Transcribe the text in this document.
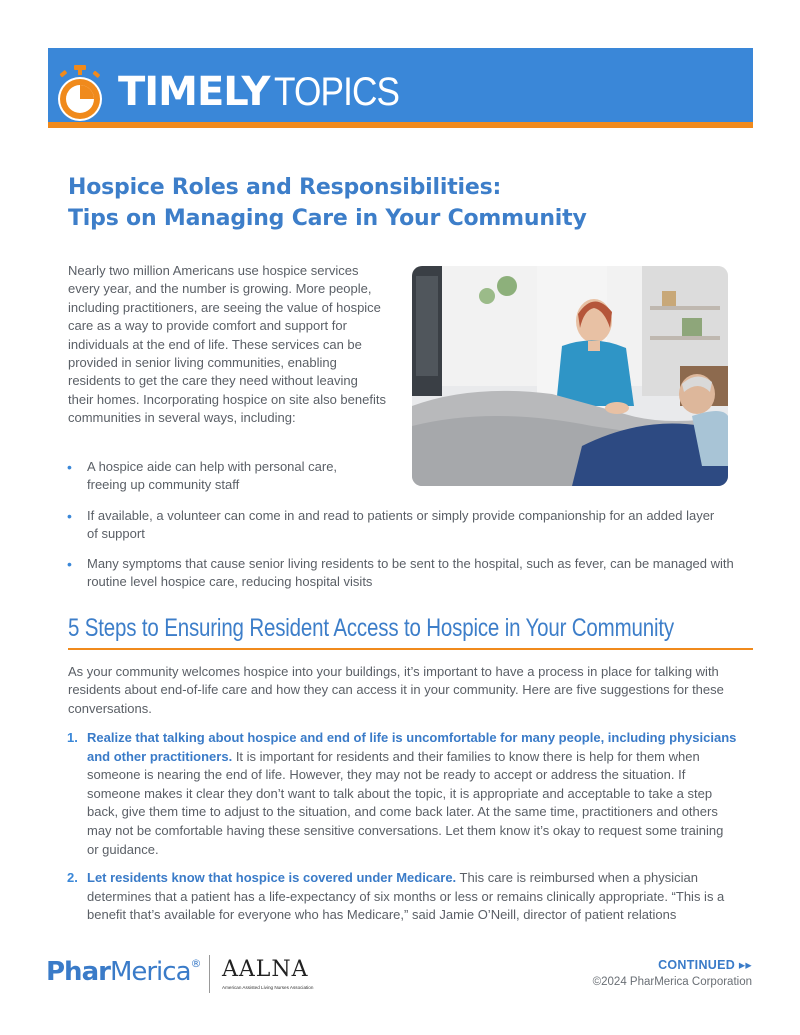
TIMELY TOPICS
Hospice Roles and Responsibilities:
Tips on Managing Care in Your Community
Nearly two million Americans use hospice services every year, and the number is growing. More people, including practitioners, are seeing the value of hospice care as a way to provide comfort and support for individuals at the end of life. These services can be provided in senior living communities, enabling residents to get the care they need without leaving their homes. Incorporating hospice on site also benefits communities in several ways, including:
• A hospice aide can help with personal care, freeing up community staff
• If available, a volunteer can come in and read to patients or simply provide companionship for an added layer of support
• Many symptoms that cause senior living residents to be sent to the hospital, such as fever, can be managed with routine level hospice care, reducing hospital visits
5 Steps to Ensuring Resident Access to Hospice in Your Community
As your community welcomes hospice into your buildings, it’s important to have a process in place for talking with residents about end-of-life care and how they can access it in your community. Here are five suggestions for these conversations.
1. Realize that talking about hospice and end of life is uncomfortable for many people, including physicians and other practitioners. It is important for residents and their families to know there is help for them when someone is nearing the end of life. However, they may not be ready to accept or address the situation. If someone makes it clear they don’t want to talk about the topic, it is appropriate and acceptable to take a step back, give them time to adjust to the situation, and come back later. At the same time, practitioners and others may not be comfortable having these sensitive conversations. Let them know it’s okay to request some training or guidance.
2. Let residents know that hospice is covered under Medicare. This care is reimbursed when a physician determines that a patient has a life-expectancy of six months or less or remains clinically appropriate. “This is a benefit that’s available for everyone who has Medicare,” said Jamie O’Neill, director of patient relations
PharMerica® AALNA
American Assisted Living Nurses Association
CONTINUED ▸▸
©2024 PharMerica Corporation
